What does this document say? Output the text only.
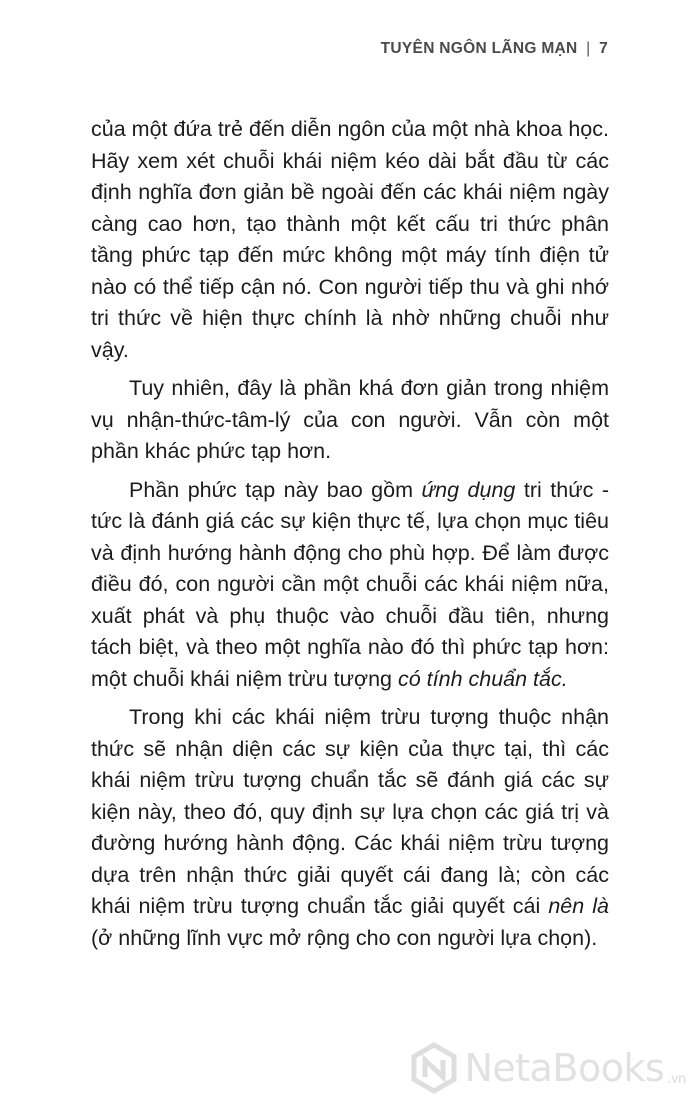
TUYÊN NGÔN LÃNG MẠN | 7

của một đứa trẻ đến diễn ngôn của một nhà khoa học. Hãy xem xét chuỗi khái niệm kéo dài bắt đầu từ các định nghĩa đơn giản bề ngoài đến các khái niệm ngày càng cao hơn, tạo thành một kết cấu tri thức phân tầng phức tạp đến mức không một máy tính điện tử nào có thể tiếp cận nó. Con người tiếp thu và ghi nhớ tri thức về hiện thực chính là nhờ những chuỗi như vậy.

Tuy nhiên, đây là phần khá đơn giản trong nhiệm vụ nhận-thức-tâm-lý của con người. Vẫn còn một phần khác phức tạp hơn.

Phần phức tạp này bao gồm ứng dụng tri thức - tức là đánh giá các sự kiện thực tế, lựa chọn mục tiêu và định hướng hành động cho phù hợp. Để làm được điều đó, con người cần một chuỗi các khái niệm nữa, xuất phát và phụ thuộc vào chuỗi đầu tiên, nhưng tách biệt, và theo một nghĩa nào đó thì phức tạp hơn: một chuỗi khái niệm trừu tượng có tính chuẩn tắc.

Trong khi các khái niệm trừu tượng thuộc nhận thức sẽ nhận diện các sự kiện của thực tại, thì các khái niệm trừu tượng chuẩn tắc sẽ đánh giá các sự kiện này, theo đó, quy định sự lựa chọn các giá trị và đường hướng hành động. Các khái niệm trừu tượng dựa trên nhận thức giải quyết cái đang là; còn các khái niệm trừu tượng chuẩn tắc giải quyết cái nên là (ở những lĩnh vực mở rộng cho con người lựa chọn).

NetaBooks .vn
